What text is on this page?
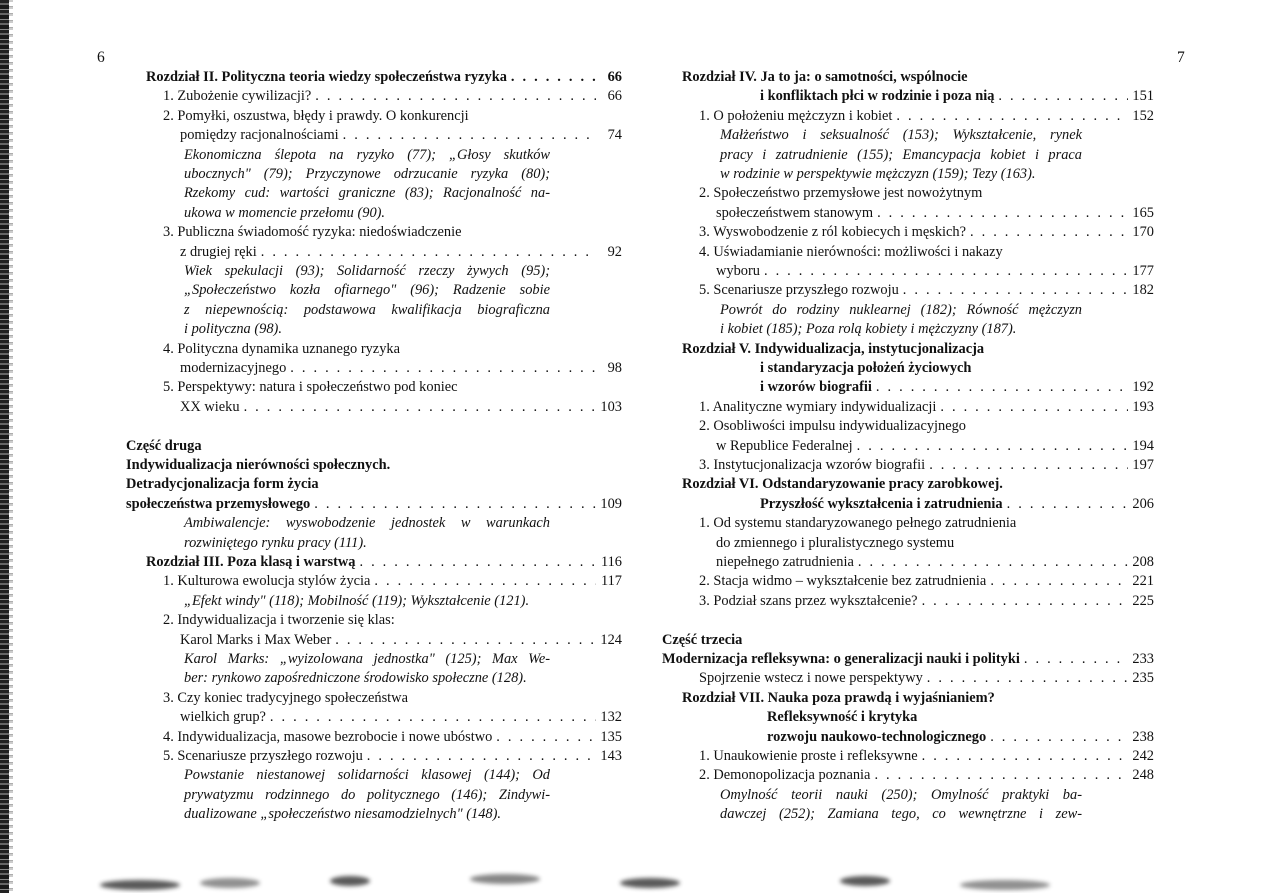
6
Rozdział II. Polityczna teoria wiedzy społeczeństwa ryzyka . . .	66
1. Zubożenie cywilizacji? . . .	66
2. Pomyłki, oszustwa, błędy i prawdy. O konkurencji
pomiędzy racjonalnościami . . .	74
Ekonomiczna ślepota na ryzyko (77); „Głosy skutków
ubocznych" (79); Przyczynowe odrzucanie ryzyka (80);
Rzekomy cud: wartości graniczne (83); Racjonalność na-
ukowa w momencie przełomu (90).
3. Publiczna świadomość ryzyka: niedoświadczenie
z drugiej ręki . . .	92
Wiek spekulacji (93); Solidarność rzeczy żywych (95);
„Społeczeństwo kozła ofiarnego" (96); Radzenie sobie
z niepewnością: podstawowa kwalifikacja biograficzna
i polityczna (98).
4. Polityczna dynamika uznanego ryzyka
modernizacyjnego . . .	98
5. Perspektywy: natura i społeczeństwo pod koniec
XX wieku . . .	103
Część druga
Indywidualizacja nierówności społecznych.
Detradycjonalizacja form życia
społeczeństwa przemysłowego . . .	109
Ambiwalencje: wyswobodzenie jednostek w warunkach
rozwiniętego rynku pracy (111).
Rozdział III. Poza klasą i warstwą . . .	116
1. Kulturowa ewolucja stylów życia . . .	117
„Efekt windy" (118); Mobilność (119); Wykształcenie (121).
2. Indywidualizacja i tworzenie się klas:
Karol Marks i Max Weber . . .	124
Karol Marks: „wyizolowana jednostka" (125); Max We-
ber: rynkowo zapośredniczone środowisko społeczne (128).
3. Czy koniec tradycyjnego społeczeństwa
wielkich grup? . . .	132
4. Indywidualizacja, masowe bezrobocie i nowe ubóstwo . . .	135
5. Scenariusze przyszłego rozwoju . . .	143
Powstanie niestanowej solidarności klasowej (144); Od
prywatyzmu rodzinnego do politycznego (146); Zindywi-
dualizowane „społeczeństwo niesamodzielnych" (148).
7
Rozdział IV. Ja to ja: o samotności, wspólnocie
i konfliktach płci w rodzinie i poza nią . . .	151
1. O położeniu mężczyzn i kobiet . . .	152
Małżeństwo i seksualność (153); Wykształcenie, rynek
pracy i zatrudnienie (155); Emancypacja kobiet i praca
w rodzinie w perspektywie mężczyzn (159); Tezy (163).
2. Społeczeństwo przemysłowe jest nowożytnym
społeczeństwem stanowym . . .	165
3. Wyswobodzenie z ról kobiecych i męskich? . . .	170
4. Uświadamianie nierówności: możliwości i nakazy
wyboru . . .	177
5. Scenariusze przyszłego rozwoju . . .	182
Powrót do rodziny nuklearnej (182); Równość mężczyzn
i kobiet (185); Poza rolą kobiety i mężczyzny (187).
Rozdział V. Indywidualizacja, instytucjonalizacja
i standaryzacja położeń życiowych
i wzorów biografii . . .	192
1. Analityczne wymiary indywidualizacji . . .	193
2. Osobliwości impulsu indywidualizacyjnego
w Republice Federalnej . . .	194
3. Instytucjonalizacja wzorów biografii . . .	197
Rozdział VI. Odstandaryzowanie pracy zarobkowej.
Przyszłość wykształcenia i zatrudnienia . . .	206
1. Od systemu standaryzowanego pełnego zatrudnienia
do zmiennego i pluralistycznego systemu
niepełnego zatrudnienia . . .	208
2. Stacja widmo – wykształcenie bez zatrudnienia . . .	221
3. Podział szans przez wykształcenie? . . .	225
Część trzecia
Modernizacja refleksywna: o generalizacji nauki i polityki . . .	233
Spojrzenie wstecz i nowe perspektywy . . .	235
Rozdział VII. Nauka poza prawdą i wyjaśnianiem?
Refleksywność i krytyka
rozwoju naukowo-technologicznego . . .	238
1. Unaukowienie proste i refleksywne . . .	242
2. Demonopolizacja poznania . . .	248
Omylność teorii nauki (250); Omylność praktyki ba-
dawczej (252); Zamiana tego, co wewnętrzne i zew-
